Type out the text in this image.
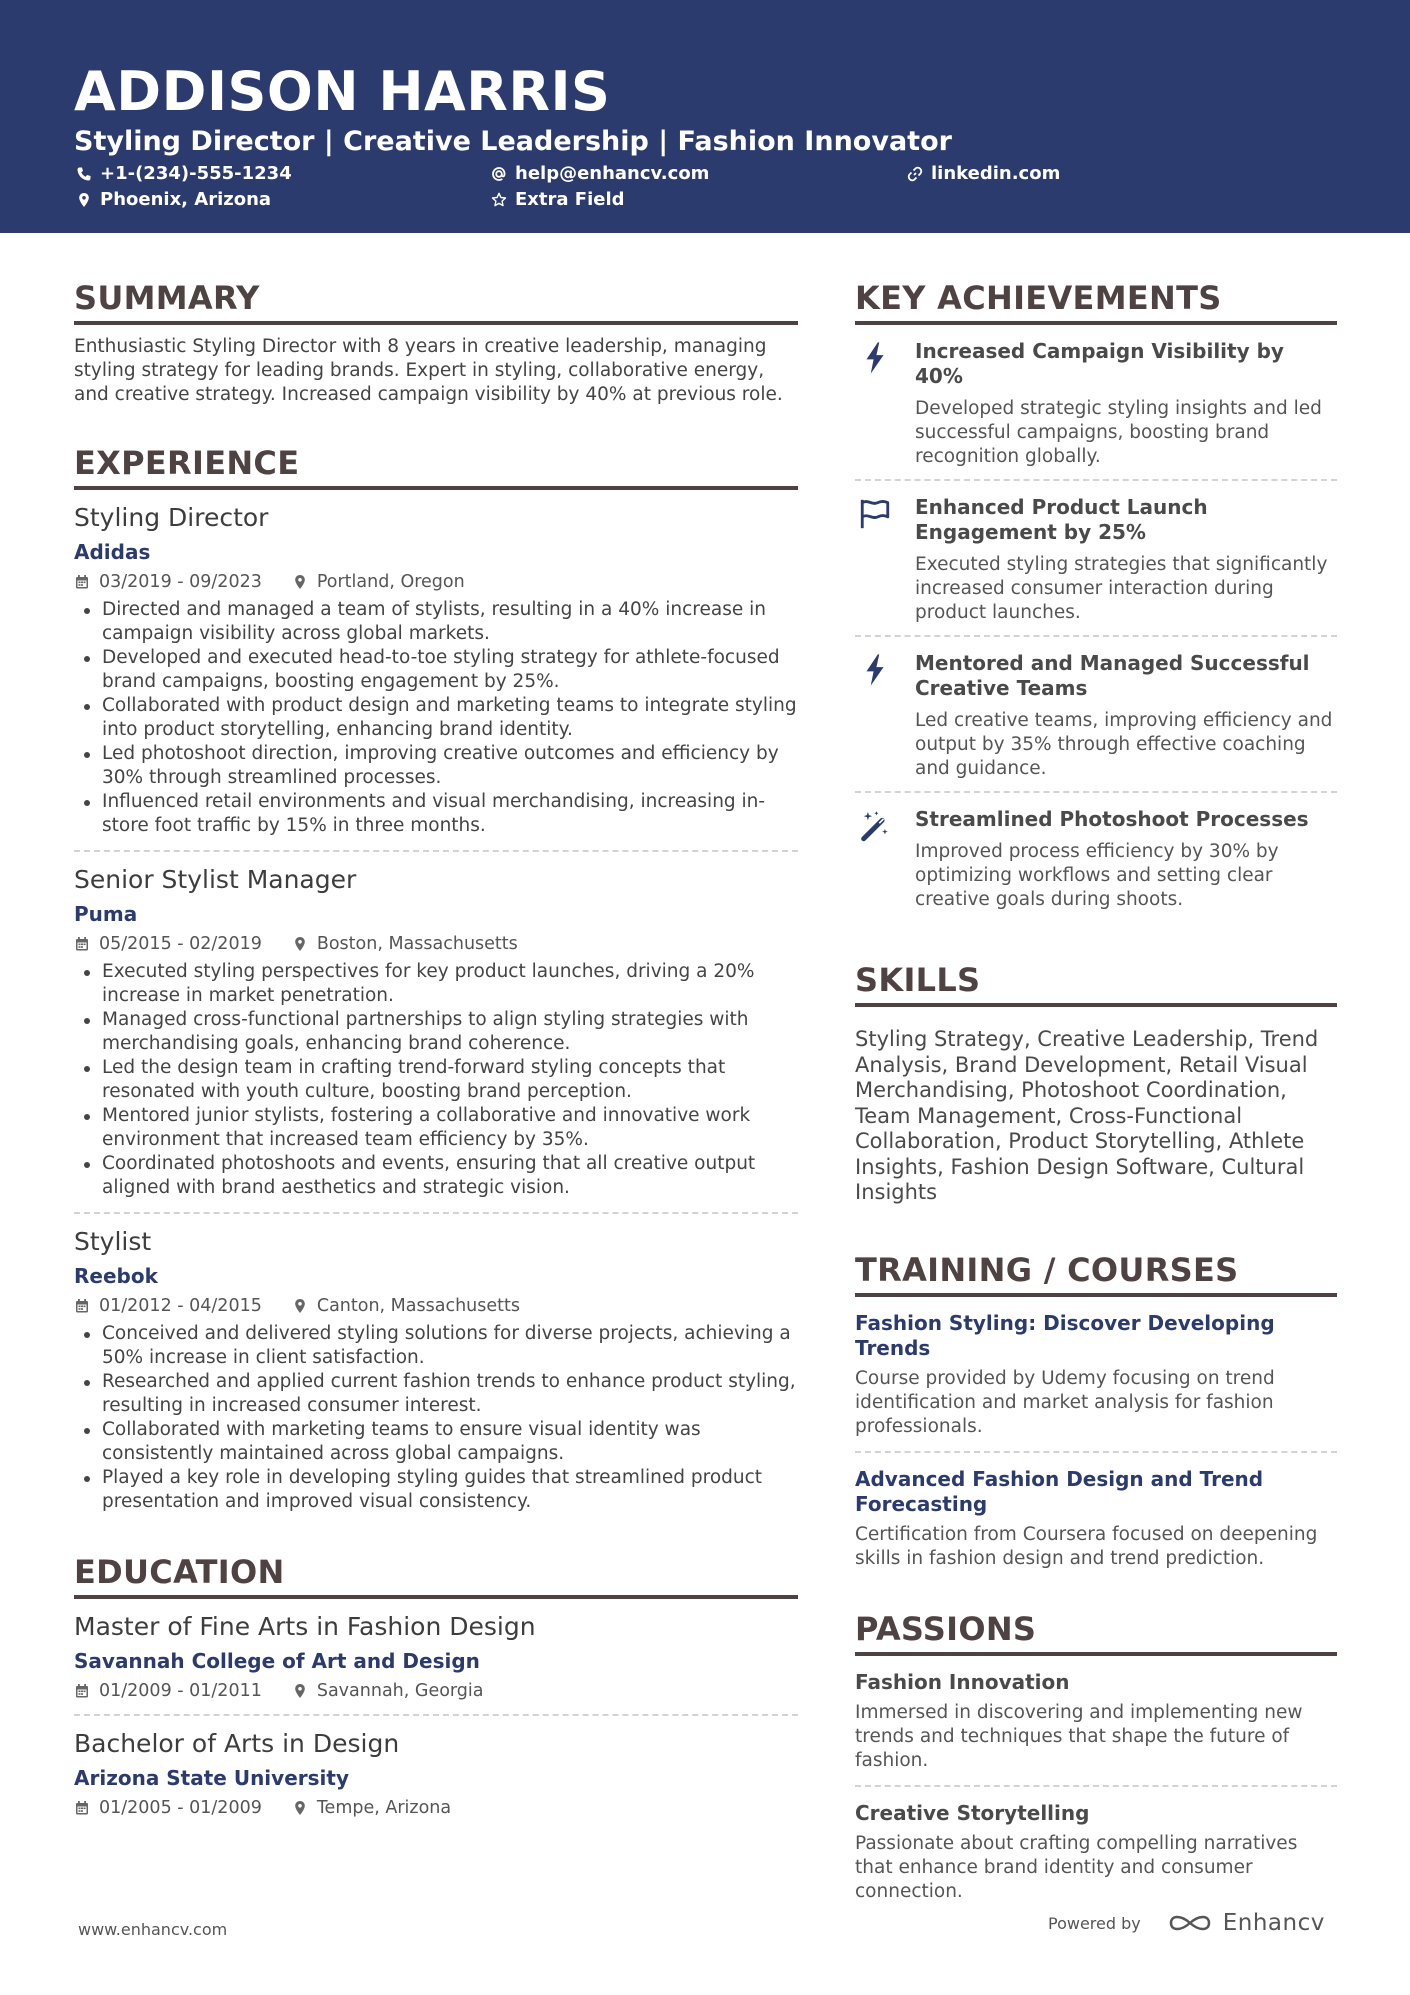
ADDISON HARRIS
Styling Director | Creative Leadership | Fashion Innovator
+1-(234)-555-1234	help@enhancv.com	linkedin.com
Phoenix, Arizona	Extra Field
SUMMARY
Enthusiastic Styling Director with 8 years in creative leadership, managing styling strategy for leading brands. Expert in styling, collaborative energy, and creative strategy. Increased campaign visibility by 40% at previous role.
EXPERIENCE
Styling Director
Adidas
03/2019 - 09/2023	Portland, Oregon
Directed and managed a team of stylists, resulting in a 40% increase in campaign visibility across global markets.
Developed and executed head-to-toe styling strategy for athlete-focused brand campaigns, boosting engagement by 25%.
Collaborated with product design and marketing teams to integrate styling into product storytelling, enhancing brand identity.
Led photoshoot direction, improving creative outcomes and efficiency by 30% through streamlined processes.
Influenced retail environments and visual merchandising, increasing in-store foot traffic by 15% in three months.
Senior Stylist Manager
Puma
05/2015 - 02/2019	Boston, Massachusetts
Executed styling perspectives for key product launches, driving a 20% increase in market penetration.
Managed cross-functional partnerships to align styling strategies with merchandising goals, enhancing brand coherence.
Led the design team in crafting trend-forward styling concepts that resonated with youth culture, boosting brand perception.
Mentored junior stylists, fostering a collaborative and innovative work environment that increased team efficiency by 35%.
Coordinated photoshoots and events, ensuring that all creative output aligned with brand aesthetics and strategic vision.
Stylist
Reebok
01/2012 - 04/2015	Canton, Massachusetts
Conceived and delivered styling solutions for diverse projects, achieving a 50% increase in client satisfaction.
Researched and applied current fashion trends to enhance product styling, resulting in increased consumer interest.
Collaborated with marketing teams to ensure visual identity was consistently maintained across global campaigns.
Played a key role in developing styling guides that streamlined product presentation and improved visual consistency.
EDUCATION
Master of Fine Arts in Fashion Design
Savannah College of Art and Design
01/2009 - 01/2011	Savannah, Georgia
Bachelor of Arts in Design
Arizona State University
01/2005 - 01/2009	Tempe, Arizona
KEY ACHIEVEMENTS
Increased Campaign Visibility by 40%
Developed strategic styling insights and led successful campaigns, boosting brand recognition globally.
Enhanced Product Launch Engagement by 25%
Executed styling strategies that significantly increased consumer interaction during product launches.
Mentored and Managed Successful Creative Teams
Led creative teams, improving efficiency and output by 35% through effective coaching and guidance.
Streamlined Photoshoot Processes
Improved process efficiency by 30% by optimizing workflows and setting clear creative goals during shoots.
SKILLS
Styling Strategy, Creative Leadership, Trend Analysis, Brand Development, Retail Visual Merchandising, Photoshoot Coordination, Team Management, Cross-Functional Collaboration, Product Storytelling, Athlete Insights, Fashion Design Software, Cultural Insights
TRAINING / COURSES
Fashion Styling: Discover Developing Trends
Course provided by Udemy focusing on trend identification and market analysis for fashion professionals.
Advanced Fashion Design and Trend Forecasting
Certification from Coursera focused on deepening skills in fashion design and trend prediction.
PASSIONS
Fashion Innovation
Immersed in discovering and implementing new trends and techniques that shape the future of fashion.
Creative Storytelling
Passionate about crafting compelling narratives that enhance brand identity and consumer connection.
www.enhancv.com	Powered by	Enhancv
